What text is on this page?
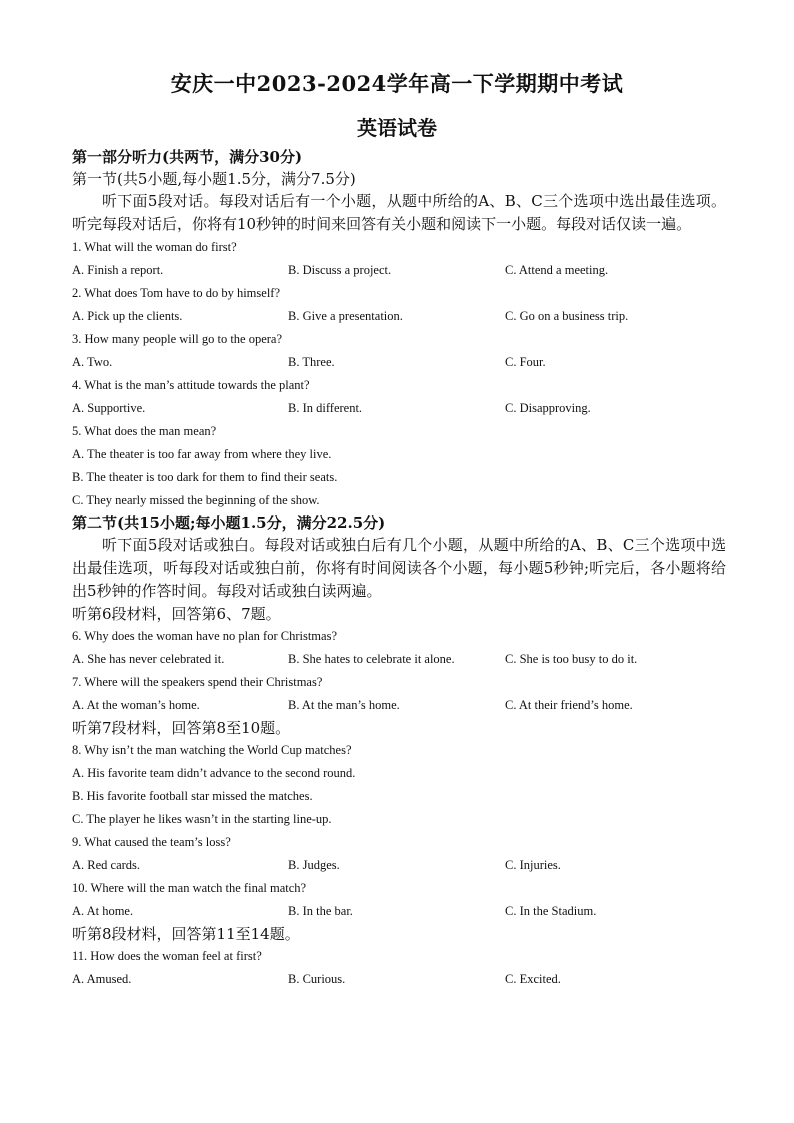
安庆一中2023-2024学年高一下学期期中考试
英语试卷
第一部分听力(共两节，满分30分)
第一节(共5小题,每小题1.5分，满分7.5分)
听下面5段对话。每段对话后有一个小题，从题中所给的A、B、C三个选项中选出最佳选项。听完每段对话后，你将有10秒钟的时间来回答有关小题和阅读下一小题。每段对话仅读一遍。
1. What will the woman do first?
A. Finish a report.	B. Discuss a project.	C. Attend a meeting.
2. What does Tom have to do by himself?
A. Pick up the clients.	B. Give a presentation.	C. Go on a business trip.
3. How many people will go to the opera?
A. Two.	B. Three.	C. Four.
4. What is the man’s attitude towards the plant?
A. Supportive.	B. In different.	C. Disapproving.
5. What does the man mean?
A. The theater is too far away from where they live.
B. The theater is too dark for them to find their seats.
C. They nearly missed the beginning of the show.
第二节(共15小题;每小题1.5分，满分22.5分)
听下面5段对话或独白。每段对话或独白后有几个小题，从题中所给的A、B、C三个选项中选出最佳选项，听每段对话或独白前，你将有时间阅读各个小题，每小题5秒钟;听完后，各小题将给出5秒钟的作答时间。每段对话或独白读两遍。
听第6段材料，回答第6、7题。
6. Why does the woman have no plan for Christmas?
A. She has never celebrated it.	B. She hates to celebrate it alone.	C. She is too busy to do it.
7. Where will the speakers spend their Christmas?
A. At the woman’s home.	B. At the man’s home.	C. At their friend’s home.
听第7段材料，回答第8至10题。
8. Why isn’t the man watching the World Cup matches?
A. His favorite team didn’t advance to the second round.
B. His favorite football star missed the matches.
C. The player he likes wasn’t in the starting line-up.
9. What caused the team’s loss?
A. Red cards.	B. Judges.	C. Injuries.
10. Where will the man watch the final match?
A. At home.	B. In the bar.	C. In the Stadium.
听第8段材料，回答第11至14题。
11. How does the woman feel at first?
A. Amused.	B. Curious.	C. Excited.
